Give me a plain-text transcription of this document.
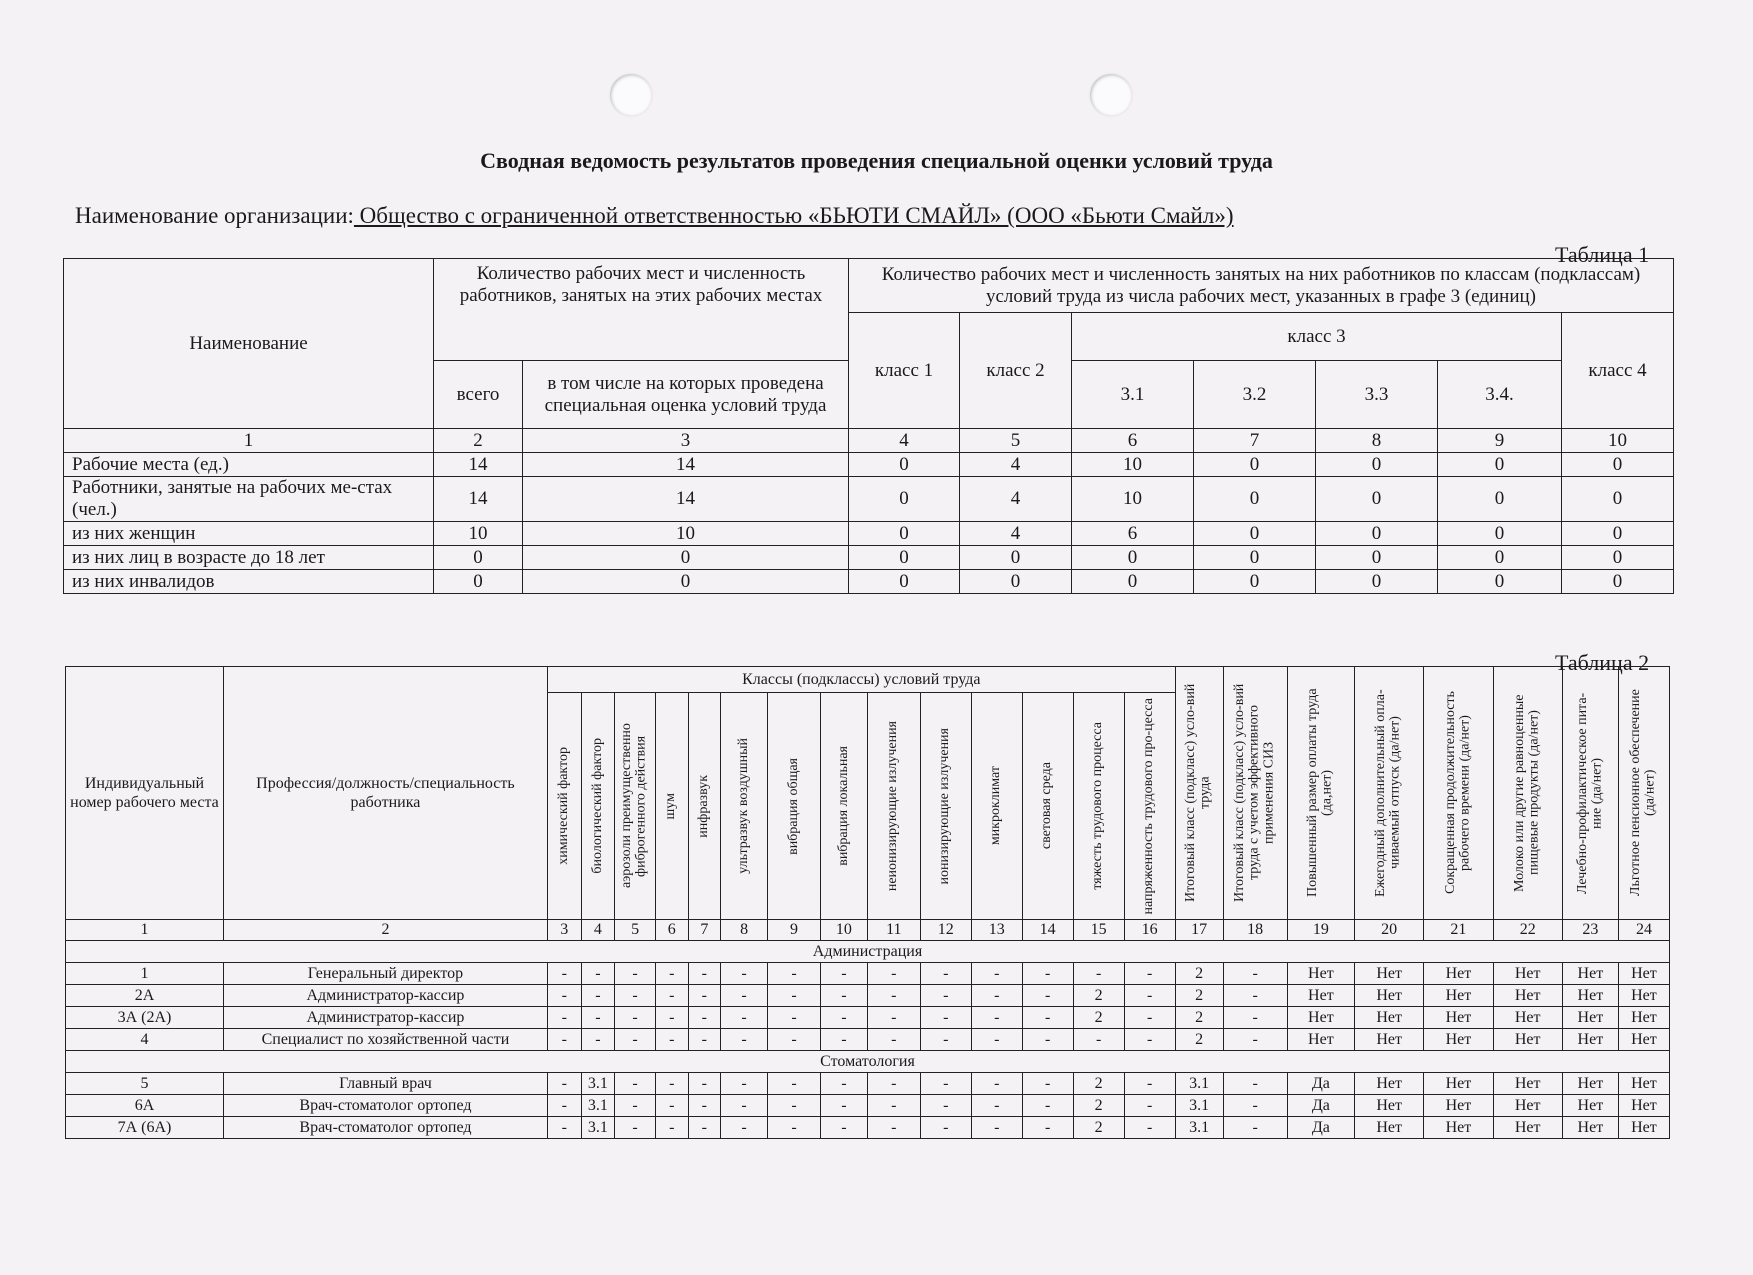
Сводная ведомость результатов проведения специальной оценки условий труда
Наименование организации: Общество с ограниченной ответственностью «БЬЮТИ СМАЙЛ» (ООО «Бьюти Смайл»)
Таблица 1
Наименование	Количество рабочих мест и численность работников, занятых на этих рабочих местах		Количество рабочих мест и численность занятых на них работников по классам (подклассам) условий труда из числа рабочих мест, указанных в графе 3 (единиц)						
			класс 1	класс 2	класс 3				класс 4
	всего	в том числе на которых проведена специальная оценка условий труда			3.1	3.2	3.3	3.4.	
1	2	3	4	5	6	7	8	9	10
Рабочие места (ед.)	14	14	0	4	10	0	0	0	0
Работники, занятые на рабочих ме-стах (чел.)	14	14	0	4	10	0	0	0	0
из них женщин	10	10	0	4	6	0	0	0	0
из них лиц в возрасте до 18 лет	0	0	0	0	0	0	0	0	0
из них инвалидов	0	0	0	0	0	0	0	0	0
Таблица 2
Индивидуальный номер рабочего места	Профессия/должность/специальность работника	Классы (подклассы) условий труда														Итоговый класс (подкласс) усло-вий труда	Итоговый класс (подкласс) усло-вий труда с учетом эффективного применения СИЗ	Повышенный размер оплаты труда (да,нет)	Ежегодный дополнительный опла-чиваемый отпуск (да/нет)	Сокращенная продолжительность рабочего времени (да/нет)	Молоко или другие равноценные пищевые продукты (да/нет)	Лечебно-профилактическое пита-ние (да/нет)	Льготное пенсионное обеспечение (да/нет)

		химический фактор	биологический фактор	аэрозоли преимущественно фиброгенного действия	шум	инфразвук	ультразвук воздушный	вибрация общая	вибрация локальная	неионизирующие излучения	ионизирующие излучения	микроклимат	световая среда	тяжесть трудового процесса	напряженность трудового про-цесса								

1	2	3	4	5	6	7	8	9	10	11	12	13	14	15	16	17	18	19	20	21	22	23	24
Администрация																							
1	Генеральный директор	-	-	-	-	-	-	-	-	-	-	-	-	-	-	2	-	Нет	Нет	Нет	Нет	Нет	Нет
2А	Администратор-кассир	-	-	-	-	-	-	-	-	-	-	-	-	2	-	2	-	Нет	Нет	Нет	Нет	Нет	Нет
3А (2А)	Администратор-кассир	-	-	-	-	-	-	-	-	-	-	-	-	2	-	2	-	Нет	Нет	Нет	Нет	Нет	Нет
4	Специалист по хозяйственной части	-	-	-	-	-	-	-	-	-	-	-	-	-	-	2	-	Нет	Нет	Нет	Нет	Нет	Нет
Стоматология																							
5	Главный врач	-	3.1	-	-	-	-	-	-	-	-	-	-	2	-	3.1	-	Да	Нет	Нет	Нет	Нет	Нет
6А	Врач-стоматолог ортопед	-	3.1	-	-	-	-	-	-	-	-	-	-	2	-	3.1	-	Да	Нет	Нет	Нет	Нет	Нет
7А (6А)	Врач-стоматолог ортопед	-	3.1	-	-	-	-	-	-	-	-	-	-	2	-	3.1	-	Да	Нет	Нет	Нет	Нет	Нет
